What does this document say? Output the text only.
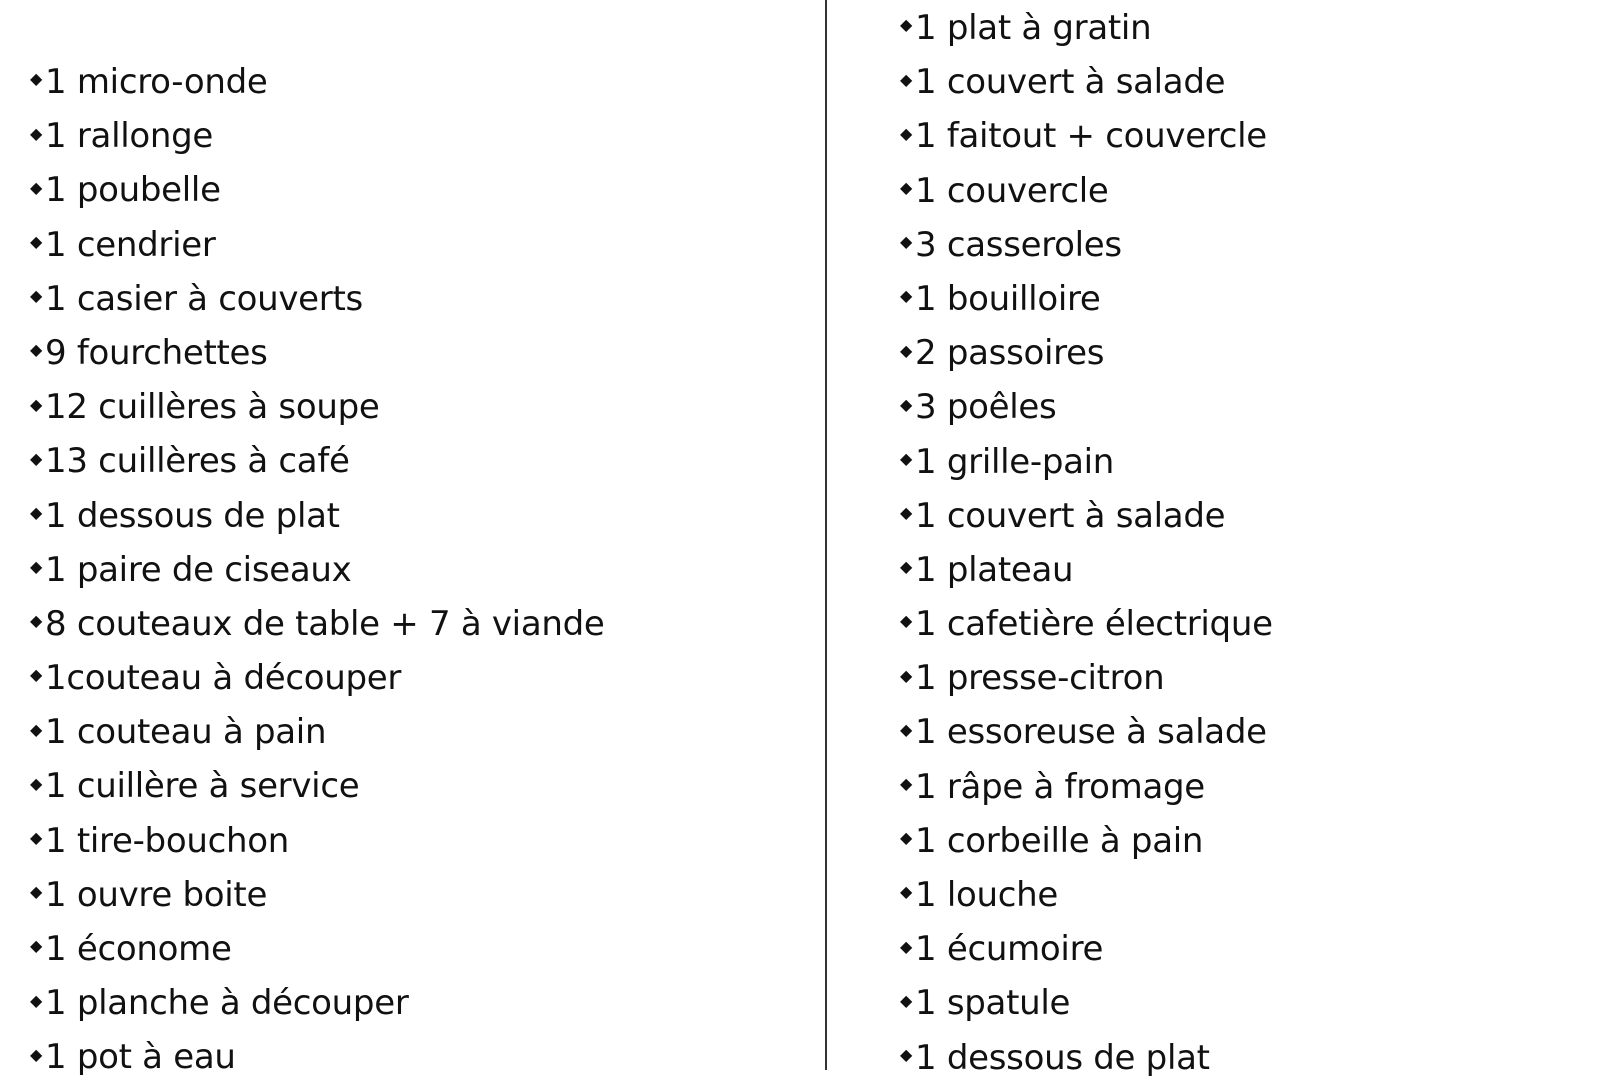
◆1 micro-onde
◆1 rallonge
◆1 poubelle
◆1 cendrier
◆1 casier à couverts
◆9 fourchettes
◆12 cuillères à soupe
◆13 cuillères à café
◆1 dessous de plat
◆1 paire de ciseaux
◆8 couteaux de table + 7 à viande
◆1couteau à découper
◆1 couteau à pain
◆1 cuillère à service
◆1 tire-bouchon
◆1 ouvre boite
◆1 économe
◆1 planche à découper
◆1 pot à eau
◆1 plat à gratin
◆1 couvert à salade
◆1 faitout + couvercle
◆1 couvercle
◆3 casseroles
◆1 bouilloire
◆2 passoires
◆3 poêles
◆1 grille-pain
◆1 couvert à salade
◆1 plateau
◆1 cafetière électrique
◆1 presse-citron
◆1 essoreuse à salade
◆1 râpe à fromage
◆1 corbeille à pain
◆1 louche
◆1 écumoire
◆1 spatule
◆1 dessous de plat
